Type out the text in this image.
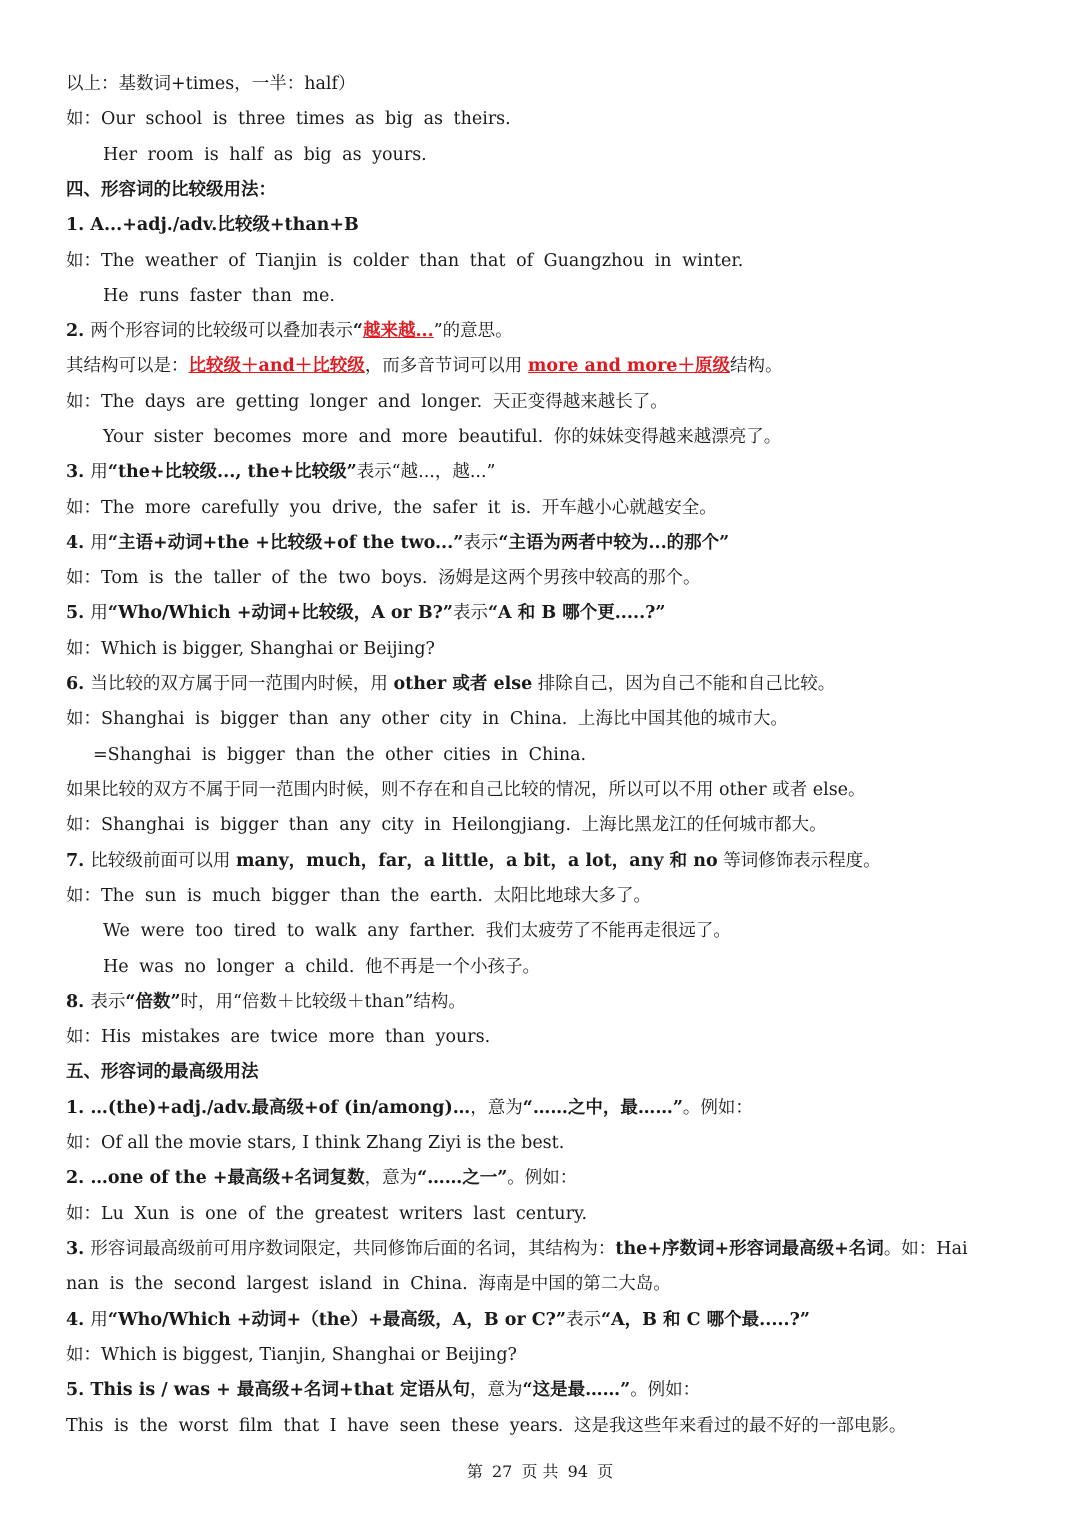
以上：基数词+times，一半：half）
如：Our school is three times as big as theirs.
Her room is half as big as yours.
四、形容词的比较级用法：
1. A...+adj./adv.比较级+than+B
如：The weather of Tianjin is colder than that of Guangzhou in winter.
He runs faster than me.
2. 两个形容词的比较级可以叠加表示“越来越...”的意思。
其结构可以是：比较级＋and＋比较级，而多音节词可以用 more and more＋原级结构。
如：The days are getting longer and longer. 天正变得越来越长了。
Your sister becomes more and more beautiful. 你的妹妹变得越来越漂亮了。
3. 用“the+比较级..., the+比较级”表示“越...，越...”
如：The more carefully you drive, the safer it is. 开车越小心就越安全。
4. 用“主语+动词+the +比较级+of the two...”表示“主语为两者中较为...的那个”
如：Tom is the taller of the two boys. 汤姆是这两个男孩中较高的那个。
5. 用“Who/Which +动词+比较级，A or B?”表示“A 和 B 哪个更.....?”
如：Which is bigger, Shanghai or Beijing?
6. 当比较的双方属于同一范围内时候，用 other 或者 else 排除自己，因为自己不能和自己比较。
如：Shanghai is bigger than any other city in China. 上海比中国其他的城市大。
=Shanghai is bigger than the other cities in China.
如果比较的双方不属于同一范围内时候，则不存在和自己比较的情况，所以可以不用 other 或者 else。
如：Shanghai is bigger than any city in Heilongjiang. 上海比黑龙江的任何城市都大。
7. 比较级前面可以用 many，much，far，a little，a bit，a lot，any 和 no 等词修饰表示程度。
如：The sun is much bigger than the earth. 太阳比地球大多了。
We were too tired to walk any farther. 我们太疲劳了不能再走很远了。
He was no longer a child. 他不再是一个小孩子。
8. 表示“倍数”时，用“倍数＋比较级＋than”结构。
如：His mistakes are twice more than yours.
五、形容词的最高级用法
1. …(the)+adj./adv.最高级+of (in/among)…，意为“……之中，最……”。例如：
如：Of all the movie stars, I think Zhang Ziyi is the best.
2. …one of the +最高级+名词复数，意为“……之一”。例如：
如：Lu Xun is one of the greatest writers last century.
3. 形容词最高级前可用序数词限定，共同修饰后面的名词，其结构为：the+序数词+形容词最高级+名词。如：Hai
nan is the second largest island in China. 海南是中国的第二大岛。
4. 用“Who/Which +动词+（the）+最高级，A，B or C?”表示“A，B 和 C 哪个最.....?”
如：Which is biggest, Tianjin, Shanghai or Beijing?
5. This is / was + 最高级+名词+that 定语从句，意为“这是最……”。例如：
This is the worst film that I have seen these years. 这是我这些年来看过的最不好的一部电影。
第 27 页 共 94 页
